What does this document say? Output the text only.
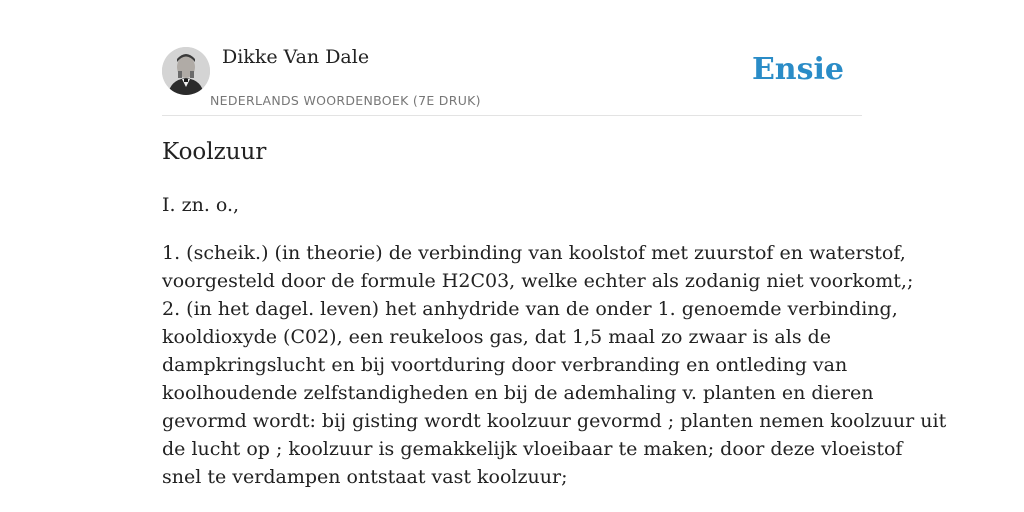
Dikke Van Dale
NEDERLANDS WOORDENBOEK (7E DRUK)
Ensie
Koolzuur

I. zn. o.,

1. (scheik.) (in theorie) de verbinding van koolstof met zuurstof en waterstof,
voorgesteld door de formule H2C03, welke echter als zodanig niet voorkomt,;
2. (in het dagel. leven) het anhydride van de onder 1. genoemde verbinding,
kooldioxyde (C02), een reukeloos gas, dat 1,5 maal zo zwaar is als de
dampkringslucht en bij voortduring door verbranding en ontleding van
koolhoudende zelfstandigheden en bij de ademhaling v. planten en dieren
gevormd wordt: bij gisting wordt koolzuur gevormd ; planten nemen koolzuur uit
de lucht op ; koolzuur is gemakkelijk vloeibaar te maken; door deze vloeistof
snel te verdampen ontstaat vast koolzuur;
